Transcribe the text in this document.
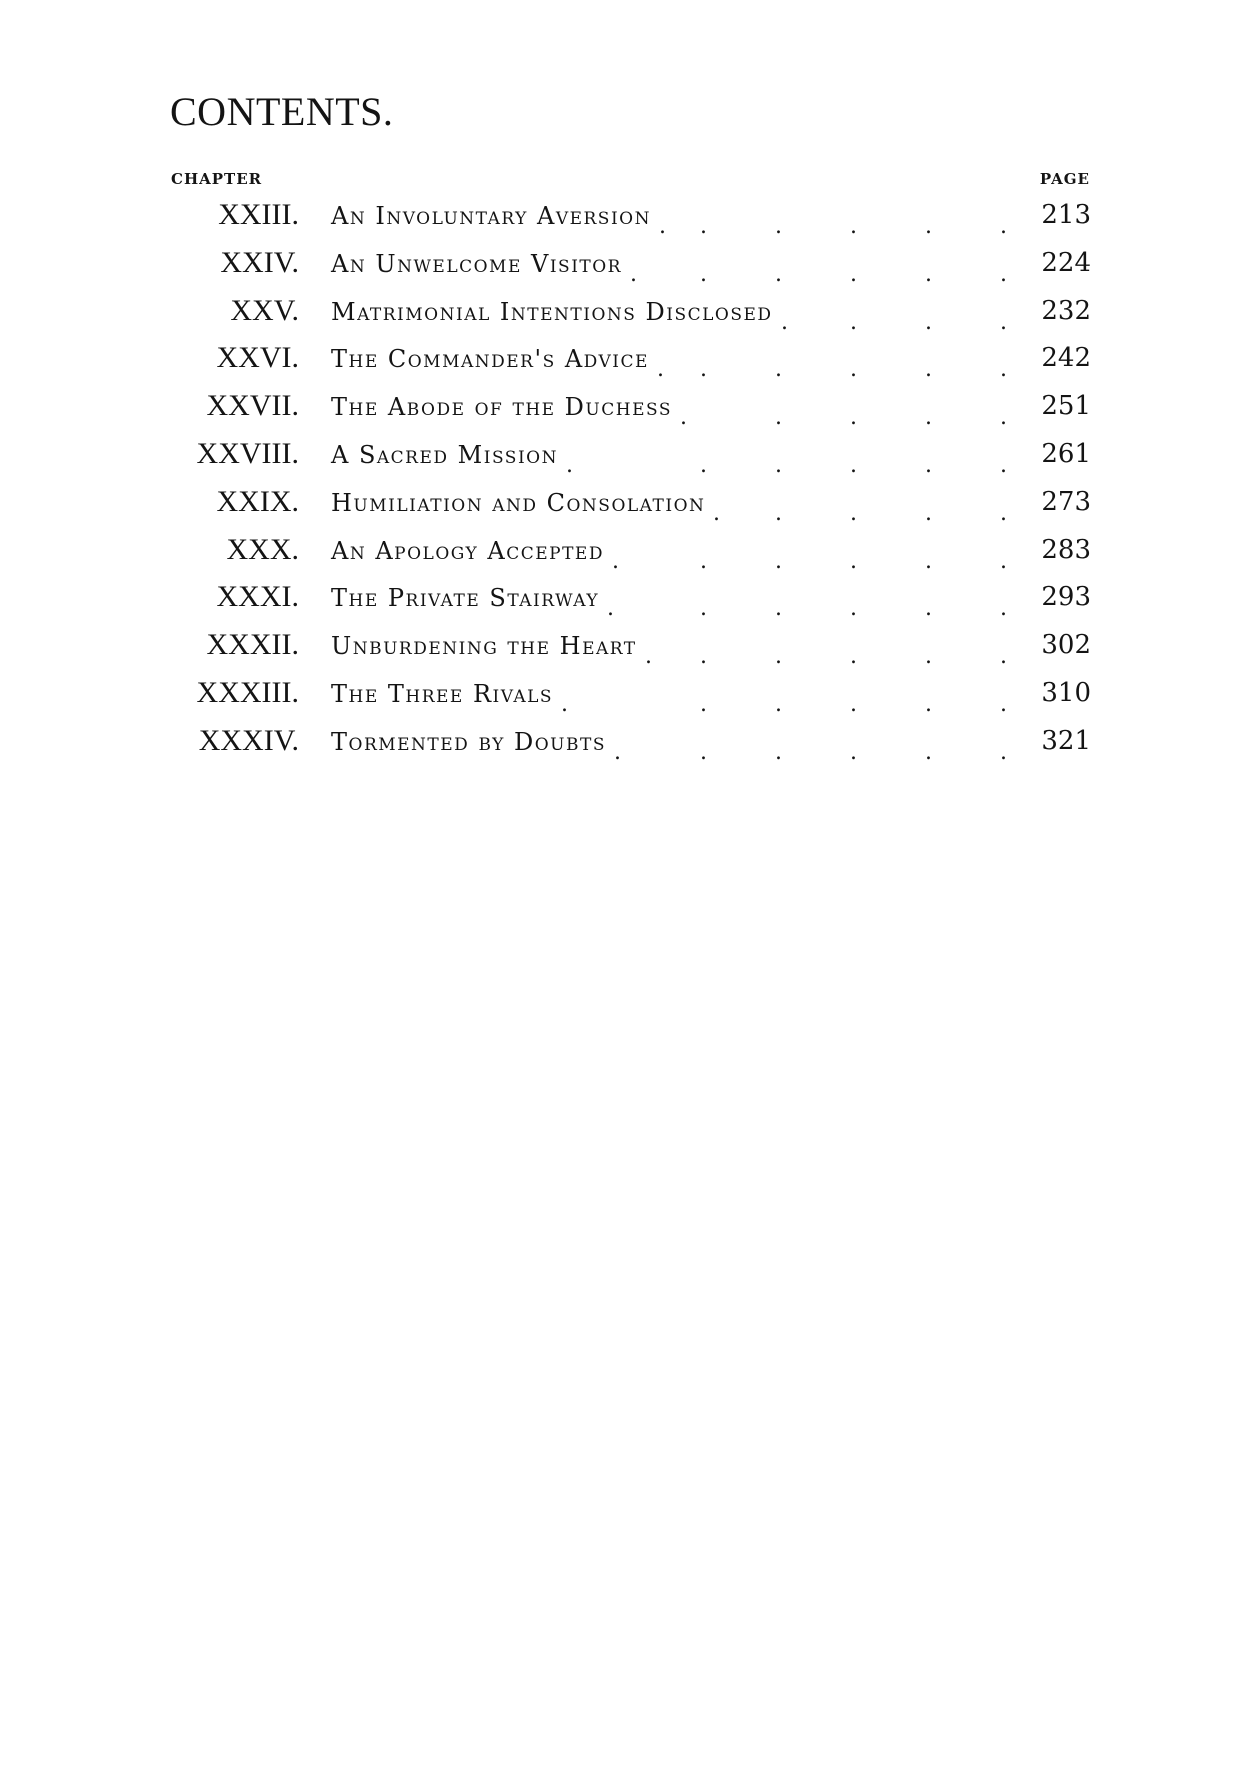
CONTENTS.
CHAPTER	PAGE
XXIII. An Involuntary Aversion . .	.	.	.	. 213
XXIV. An Unwelcome Visitor .	.	.	.	.	. 224
XXV. Matrimonial Intentions Disclosed .	.	.	. 232
XXVI. The Commander's Advice . .	.	.	.	. 242
XXVII. The Abode of the Duchess .	.	.	.	. 251
XXVIII. A Sacred Mission .	.	.	.	.	. 261
XXIX. Humiliation and Consolation .	.	.	.	. 273
XXX. An Apology Accepted .	.	.	.	.	. 283
XXXI. The Private Stairway .	.	.	.	.	. 293
XXXII. Unburdening the Heart . .	.	.	.	. 302
XXXIII. The Three Rivals .	.	.	.	.	. 310
XXXIV. Tormented by Doubts .	.	.	.	.	. 321
